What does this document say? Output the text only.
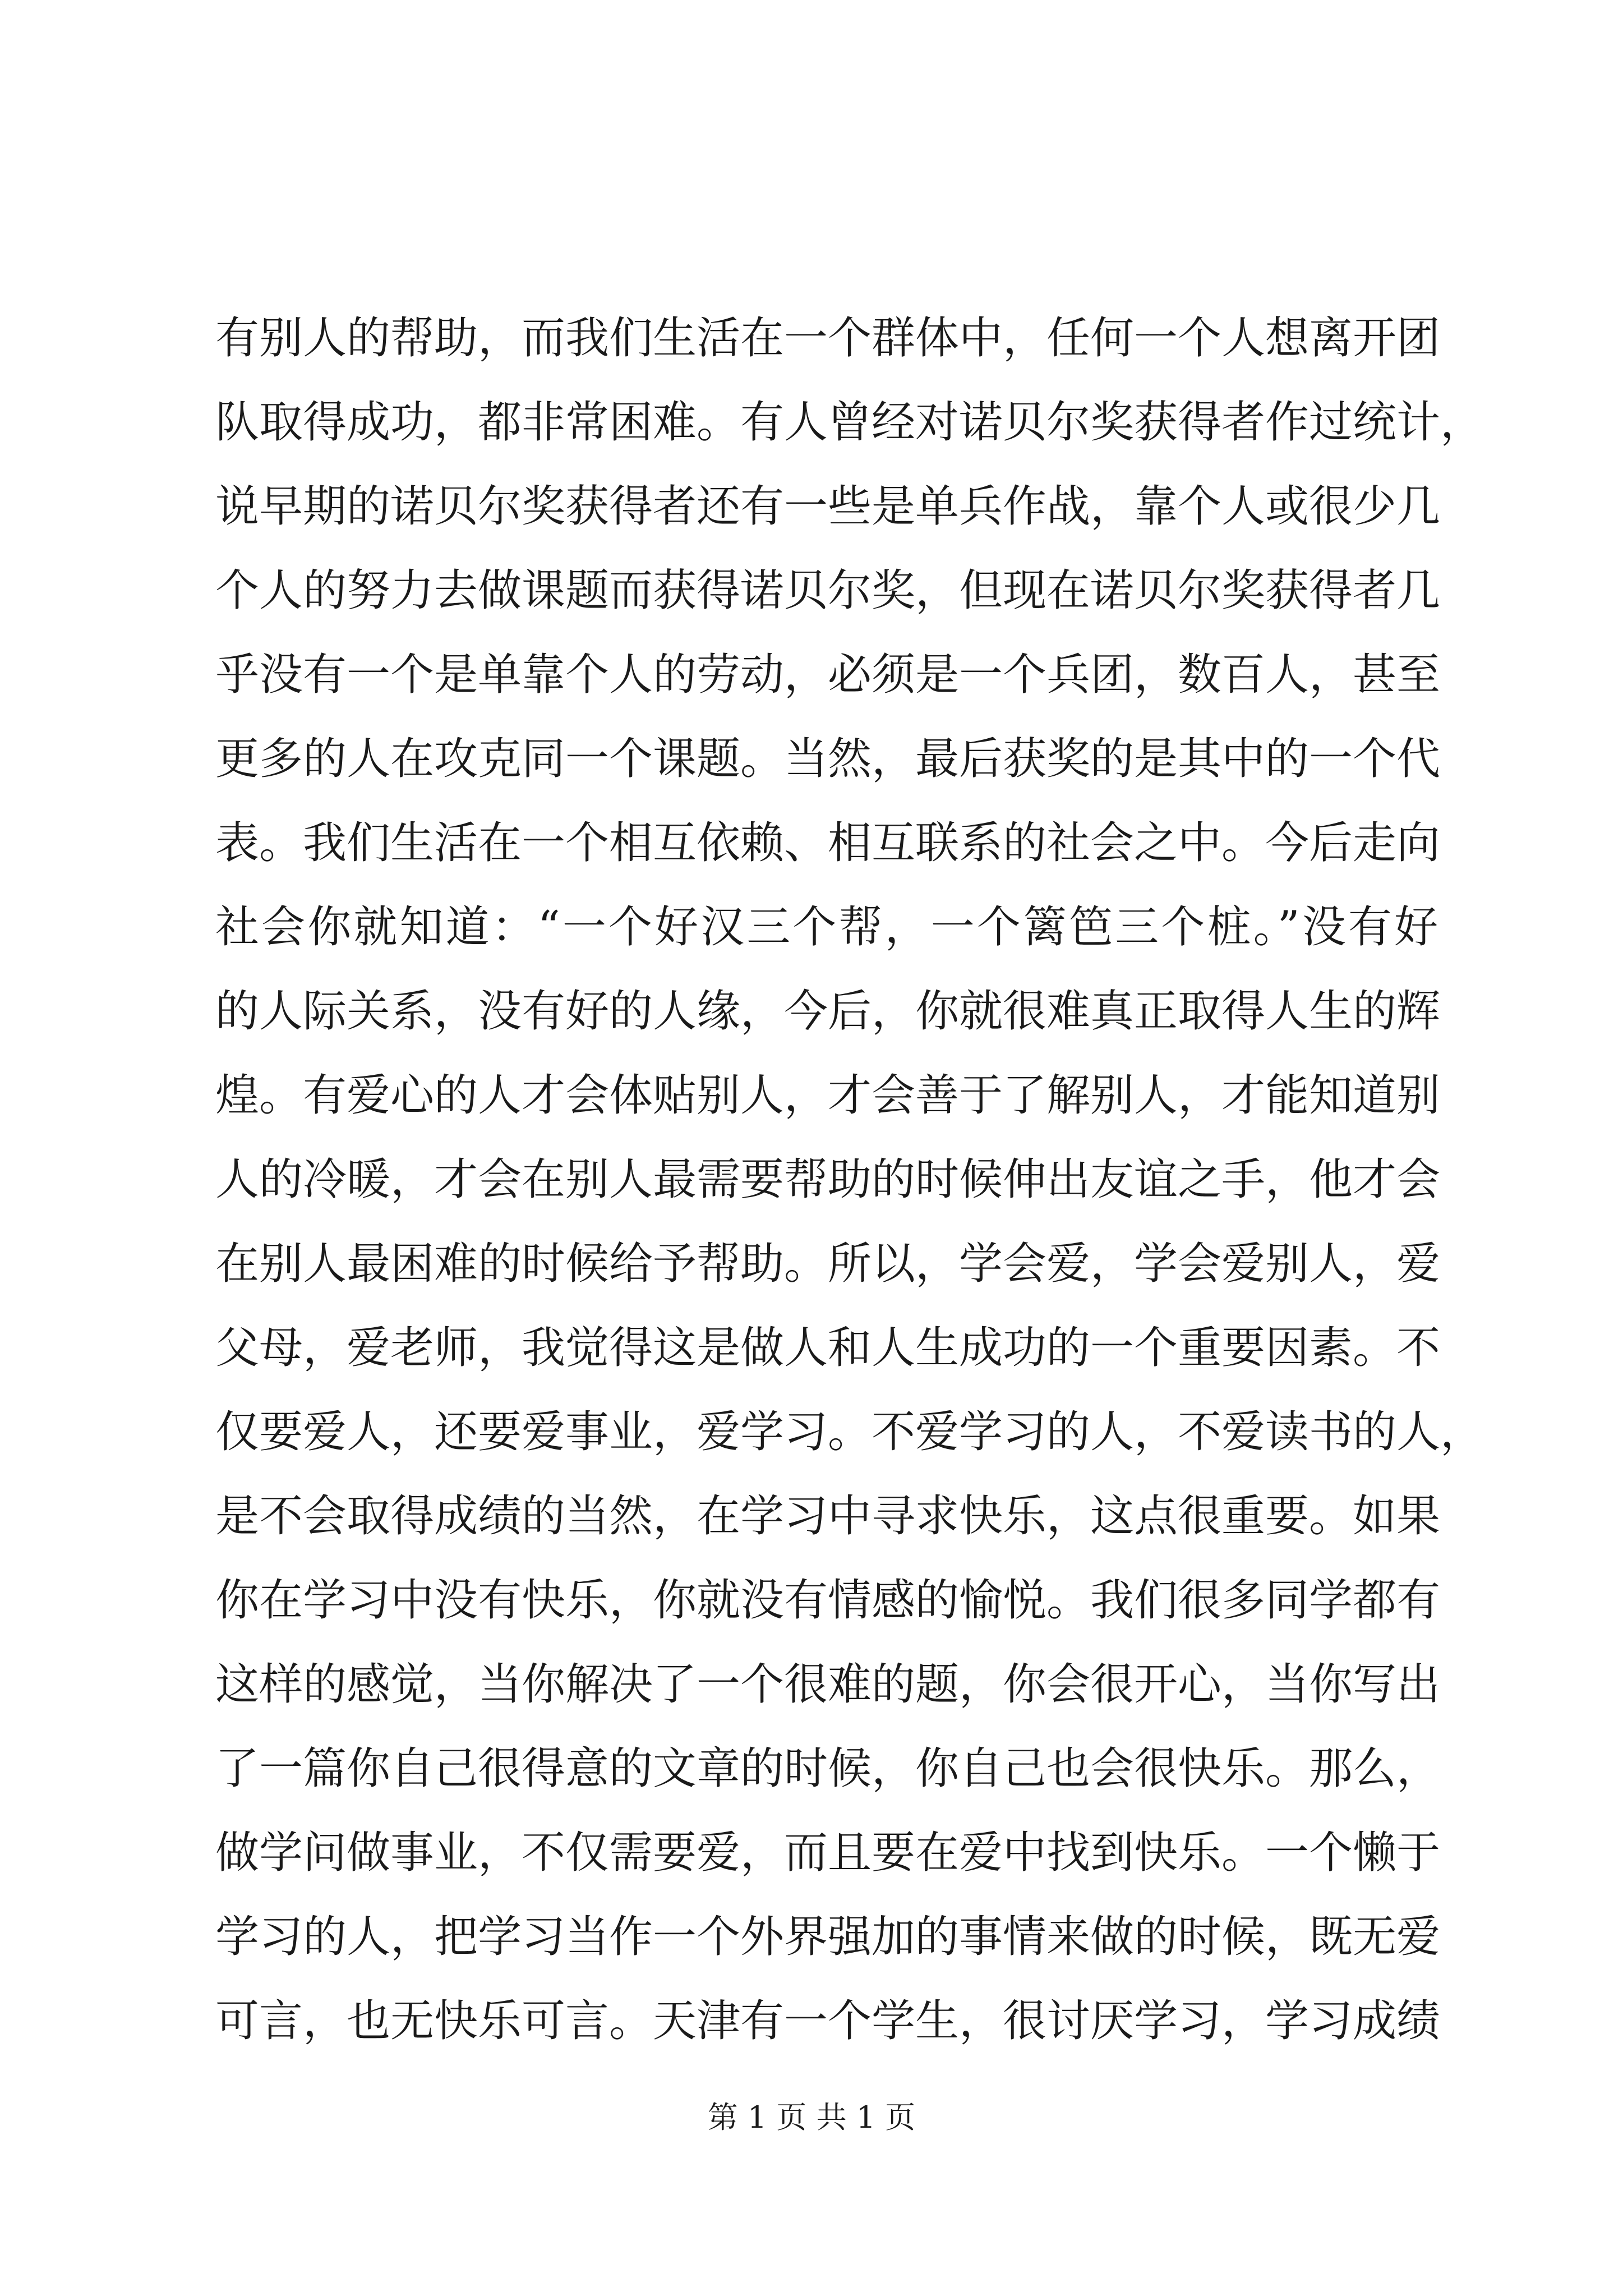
有别人的帮助，而我们生活在一个群体中，任何一个人想离开团
队取得成功，都非常困难。有人曾经对诺贝尔奖获得者作过统计，
说早期的诺贝尔奖获得者还有一些是单兵作战，靠个人或很少几
个人的努力去做课题而获得诺贝尔奖，但现在诺贝尔奖获得者几
乎没有一个是单靠个人的劳动，必须是一个兵团，数百人，甚至
更多的人在攻克同一个课题。当然，最后获奖的是其中的一个代
表。我们生活在一个相互依赖、相互联系的社会之中。今后走向
社会你就知道：“一个好汉三个帮，一个篱笆三个桩。”没有好
的人际关系，没有好的人缘，今后，你就很难真正取得人生的辉
煌。有爱心的人才会体贴别人，才会善于了解别人，才能知道别
人的冷暖，才会在别人最需要帮助的时候伸出友谊之手，他才会
在别人最困难的时候给予帮助。所以，学会爱，学会爱别人，爱
父母，爱老师，我觉得这是做人和人生成功的一个重要因素。不
仅要爱人，还要爱事业，爱学习。不爱学习的人，不爱读书的人，
是不会取得成绩的当然，在学习中寻求快乐，这点很重要。如果
你在学习中没有快乐，你就没有情感的愉悦。我们很多同学都有
这样的感觉，当你解决了一个很难的题，你会很开心，当你写出
了一篇你自己很得意的文章的时候，你自己也会很快乐。那么，
做学问做事业，不仅需要爱，而且要在爱中找到快乐。一个懒于
学习的人，把学习当作一个外界强加的事情来做的时候，既无爱
可言，也无快乐可言。天津有一个学生，很讨厌学习，学习成绩
第 1 页 共 1 页
